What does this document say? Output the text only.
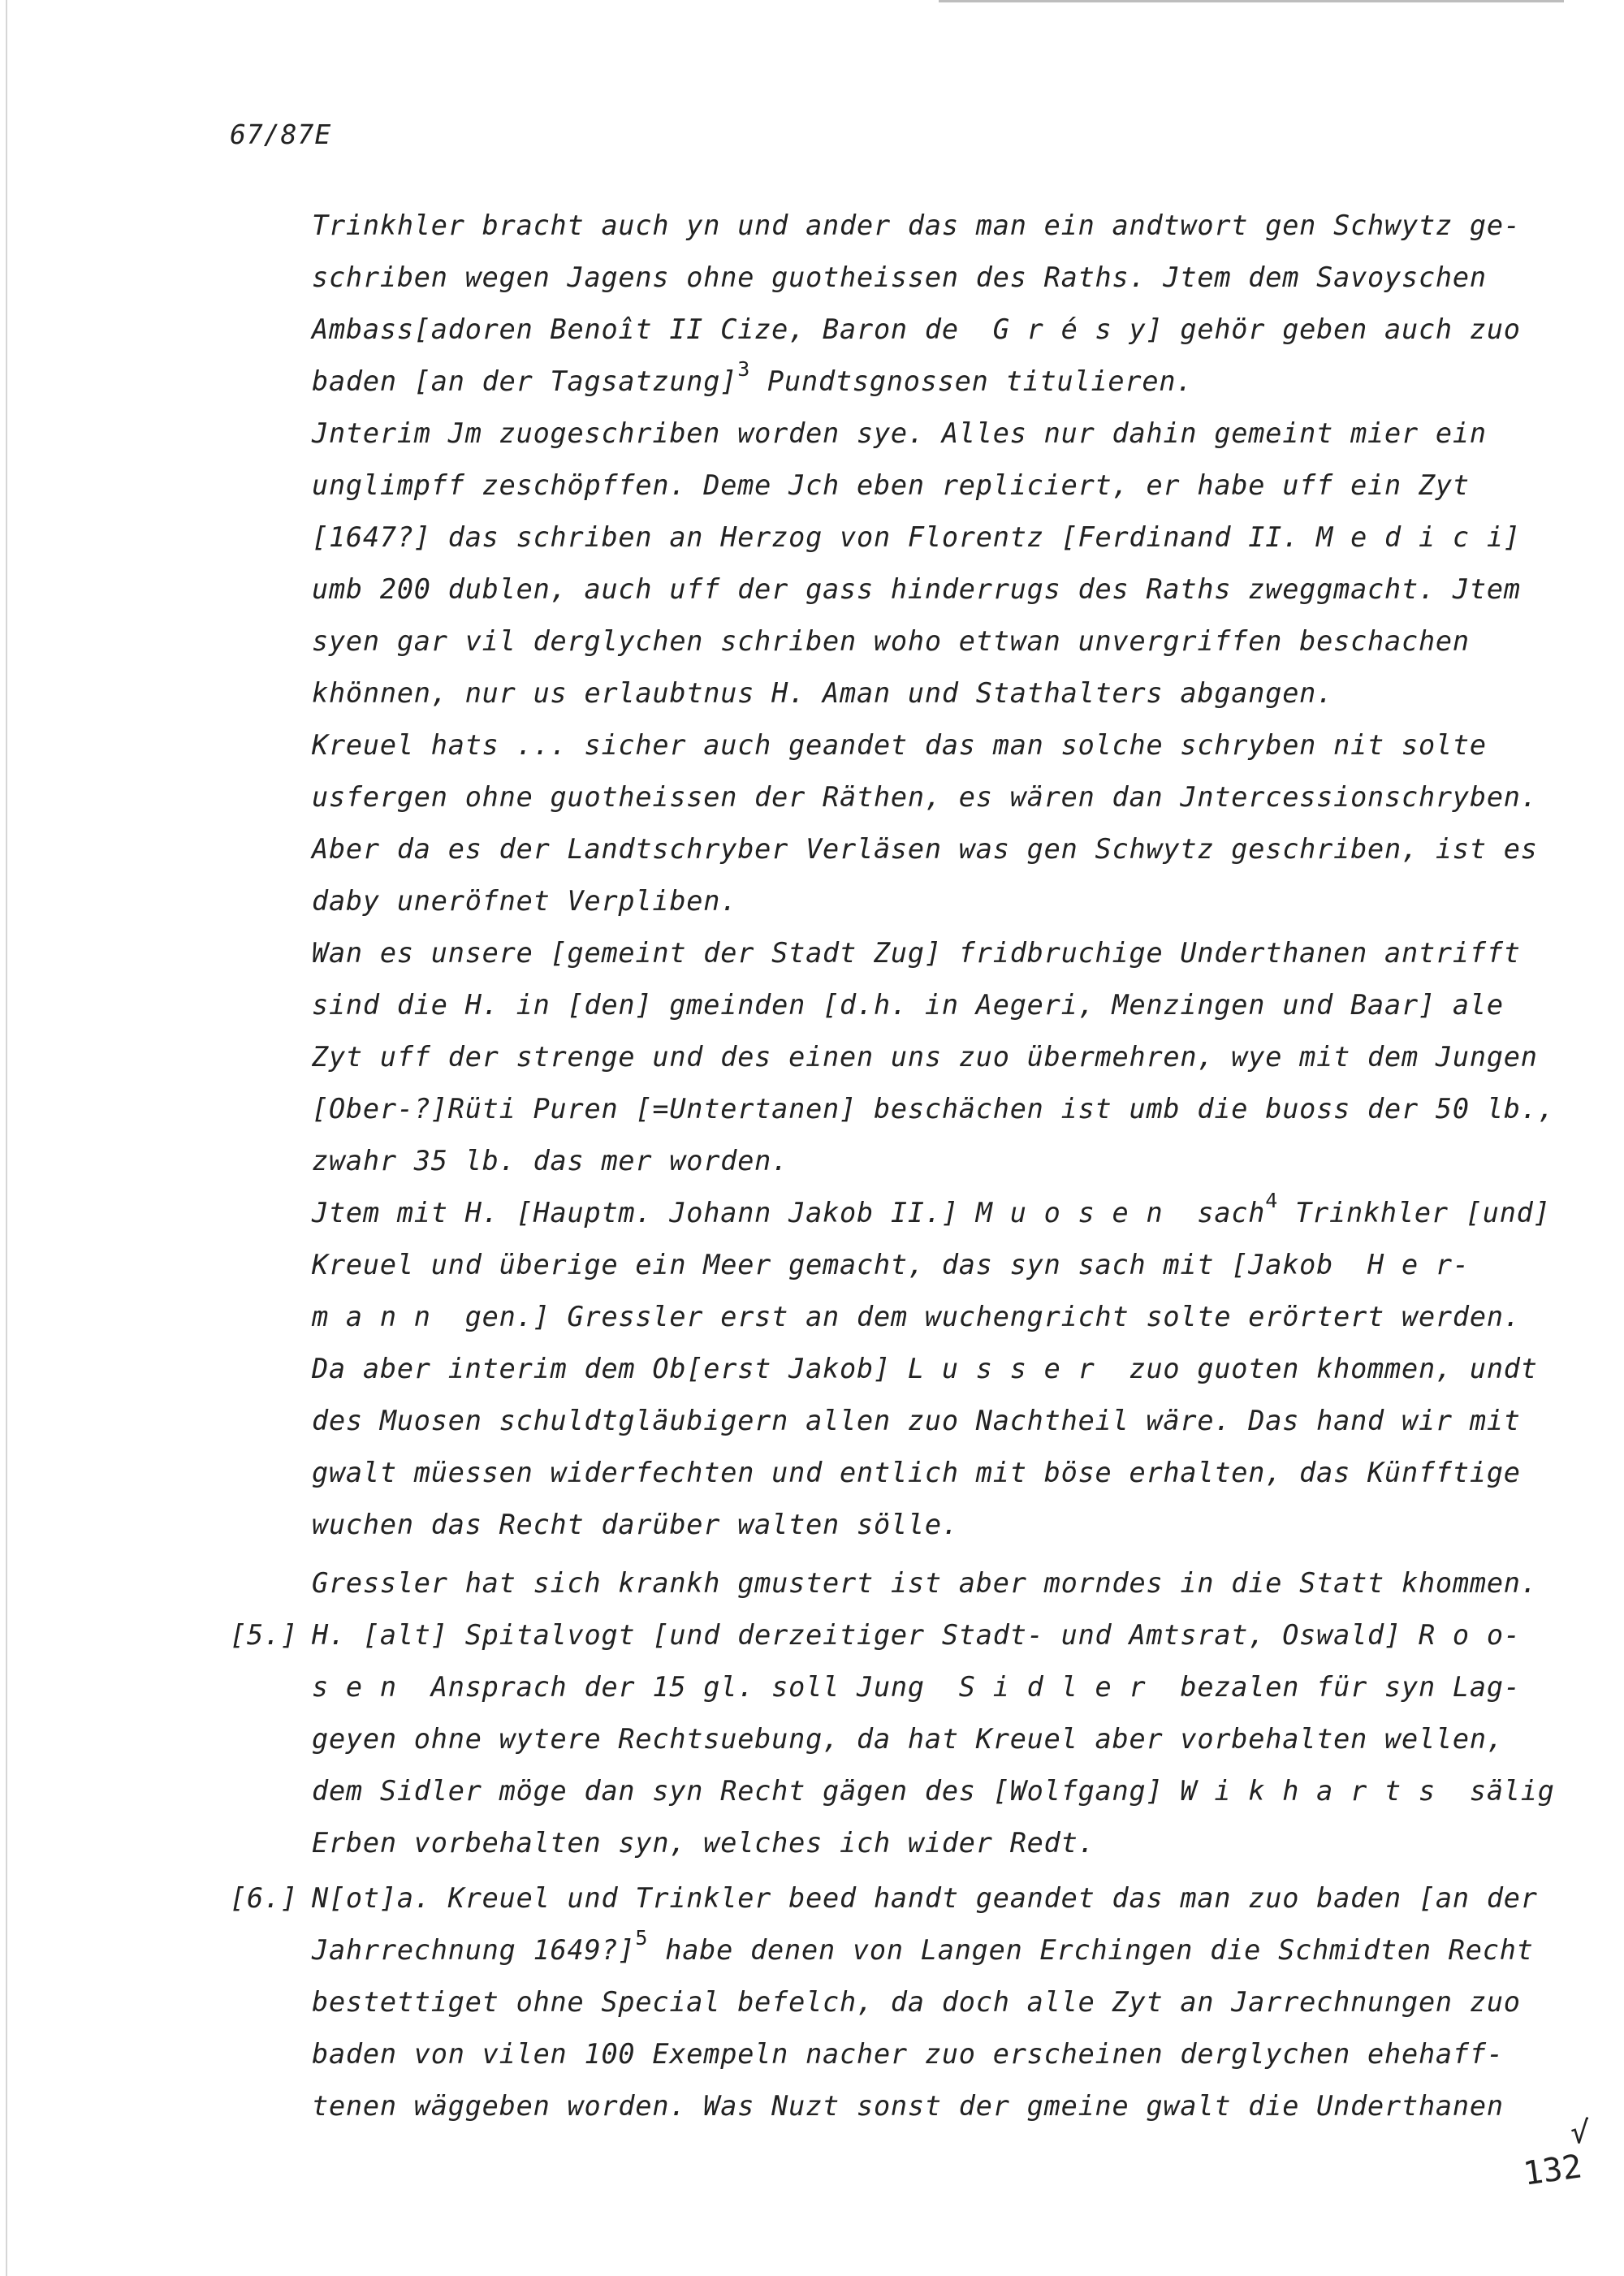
67/87E
Trinkhler bracht auch yn und ander das man ein andtwort gen Schwytz ge-
schriben wegen Jagens ohne guotheissen des Raths. Jtem dem Savoyschen
Ambass[adoren Benoît II Cize, Baron de  G r é s y] gehör geben auch zuo
baden [an der Tagsatzung]$^3$ Pundtsgnossen titulieren.
Jnterim Jm zuogeschriben worden sye. Alles nur dahin gemeint mier ein
unglimpff zeschöpffen. Deme Jch eben repliciert, er habe uff ein Zyt
[1647?] das schriben an Herzog von Florentz [Ferdinand II. M e d i c i]
umb 200 dublen, auch uff der gass hinderrugs des Raths zweggmacht. Jtem
syen gar vil derglychen schriben woho ettwan unvergriffen beschachen
khönnen, nur us erlaubtnus H. Aman und Stathalters abgangen.
Kreuel hats ... sicher auch geandet das man solche schryben nit solte
usfergen ohne guotheissen der Räthen, es wären dan Jntercessionschryben.
Aber da es der Landtschryber Verläsen was gen Schwytz geschriben, ist es
daby uneröfnet Verpliben.
Wan es unsere [gemeint der Stadt Zug] fridbruchige Underthanen antrifft
sind die H. in [den] gmeinden [d.h. in Aegeri, Menzingen und Baar] ale
Zyt uff der strenge und des einen uns zuo übermehren, wye mit dem Jungen
[Ober-?]Rüti Puren [=Untertanen] beschächen ist umb die buoss der 50 lb.,
zwahr 35 lb. das mer worden.
Jtem mit H. [Hauptm. Johann Jakob II.] M u o s e n  sach$^4$ Trinkhler [und]
Kreuel und überige ein Meer gemacht, das syn sach mit [Jakob  H e r-
m a n n  gen.] Gressler erst an dem wuchengricht solte erörtert werden.
Da aber interim dem Ob[erst Jakob] L u s s e r  zuo guoten khommen, undt
des Muosen schuldtgläubigern allen zuo Nachtheil wäre. Das hand wir mit
gwalt müessen widerfechten und entlich mit böse erhalten, das Künfftige
wuchen das Recht darüber walten sölle.
Gressler hat sich krankh gmustert ist aber morndes in die Statt khommen.
[5.] H. [alt] Spitalvogt [und derzeitiger Stadt- und Amtsrat, Oswald] R o o-
s e n  Ansprach der 15 gl. soll Jung  S i d l e r  bezalen für syn Lag-
geyen ohne wytere Rechtsuebung, da hat Kreuel aber vorbehalten wellen,
dem Sidler möge dan syn Recht gägen des [Wolfgang] W i k h a r t s  sälig
Erben vorbehalten syn, welches ich wider Redt.
[6.] N[ot]a. Kreuel und Trinkler beed handt geandet das man zuo baden [an der
Jahrrechnung 1649?]$^5$ habe denen von Langen Erchingen die Schmidten Recht
bestettiget ohne Special befelch, da doch alle Zyt an Jarrechnungen zuo
baden von vilen 100 Exempeln nacher zuo erscheinen derglychen ehehaff-
tenen wäggeben worden. Was Nuzt sonst der gmeine gwalt die Underthanen
√
132
